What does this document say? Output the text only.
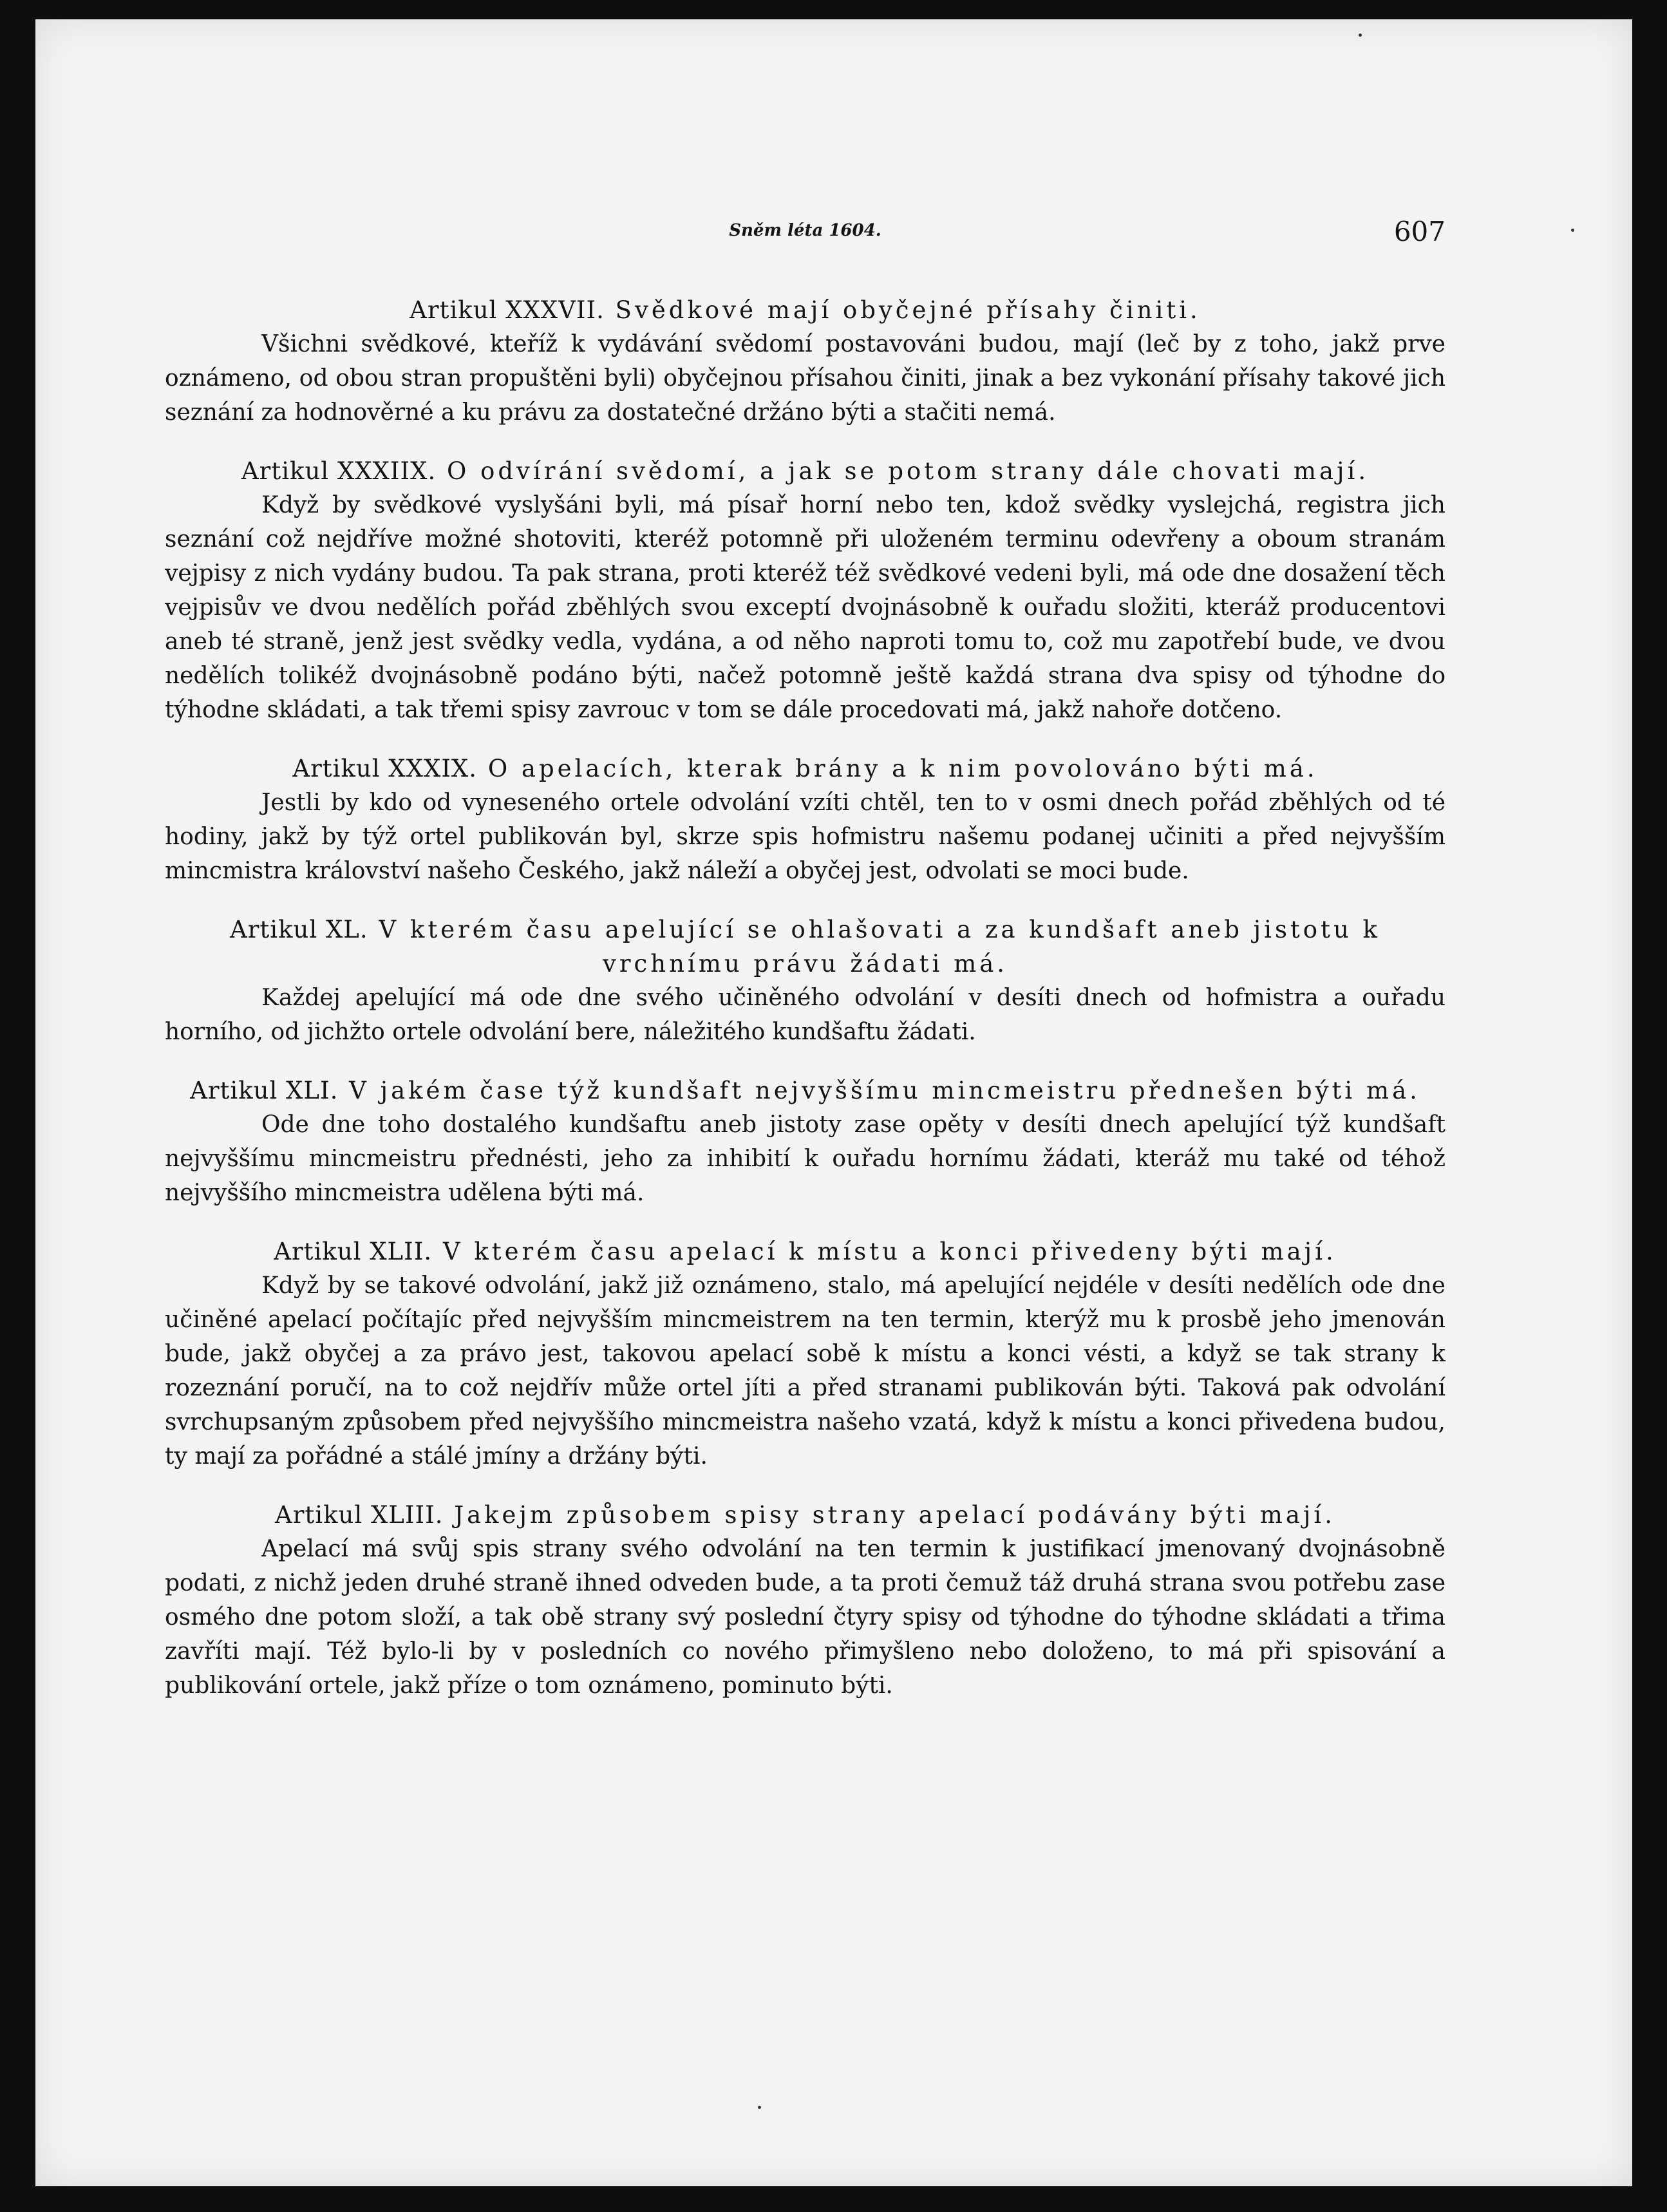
Sněm léta 1604.	607
Artikul XXXVII. Svědkové mají obyčejné přísahy činiti.

Všichni svědkové, kteříž k vydávání svědomí postavováni budou, mají (leč by z toho, jakž prve oznámeno, od obou stran propuštěni byli) obyčejnou přísahou činiti, jinak a bez vykonání přísahy takové jich seznání za hodnověrné a ku právu za dostatečné držáno býti a stačiti nemá.

Artikul XXXIIX. O odvírání svědomí, a jak se potom strany dále chovati mají.

Když by svědkové vyslyšáni byli, má písař horní nebo ten, kdož svědky vyslejchá, registra jich seznání což nejdříve možné shotoviti, kteréž potomně při uloženém terminu odevřeny a oboum stranám vejpisy z nich vydány budou. Ta pak strana, proti kteréž též svědkové vedeni byli, má ode dne dosažení těch vejpisův ve dvou nedělích pořád zběhlých svou exceptí dvojnásobně k ouřadu složiti, kteráž producentovi aneb té straně, jenž jest svědky vedla, vydána, a od něho naproti tomu to, což mu zapotřebí bude, ve dvou nedělích tolikéž dvojnásobně podáno býti, načež potomně ještě každá strana dva spisy od týhodne do týhodne skládati, a tak třemi spisy zavrouc v tom se dále procedovati má, jakž nahoře dotčeno.

Artikul XXXIX. O apelacích, kterak brány a k nim povolováno býti má.

Jestli by kdo od vyneseného ortele odvolání vzíti chtěl, ten to v osmi dnech pořád zběhlých od té hodiny, jakž by týž ortel publikován byl, skrze spis hofmistru našemu podanej učiniti a před nejvyšším mincmistra království našeho Českého, jakž náleží a obyčej jest, odvolati se moci bude.

Artikul XL. V kterém času apelující se ohlašovati a za kundšaft aneb jistotu k vrchnímu právu žádati má.

Každej apelující má ode dne svého učiněného odvolání v desíti dnech od hofmistra a ouřadu horního, od jichžto ortele odvolání bere, náležitého kundšaftu žádati.

Artikul XLI. V jakém čase týž kundšaft nejvyššímu mincmeistru přednešen býti má.

Ode dne toho dostalého kundšaftu aneb jistoty zase opěty v desíti dnech apelující týž kundšaft nejvyššímu mincmeistru přednésti, jeho za inhibití k ouřadu hornímu žádati, kteráž mu také od téhož nejvyššího mincmeistra udělena býti má.

Artikul XLII. V kterém času apelací k místu a konci přivedeny býti mají.

Když by se takové odvolání, jakž již oznámeno, stalo, má apelující nejdéle v desíti nedělích ode dne učiněné apelací počítajíc před nejvyšším mincmeistrem na ten termin, kterýž mu k prosbě jeho jmenován bude, jakž obyčej a za právo jest, takovou apelací sobě k místu a konci vésti, a když se tak strany k rozeznání poručí, na to což nejdřív může ortel jíti a před stranami publikován býti. Taková pak odvolání svrchupsaným způsobem před nejvyššího mincmeistra našeho vzatá, když k místu a konci přivedena budou, ty mají za pořádné a stálé jmíny a držány býti.

Artikul XLIII. Jakejm způsobem spisy strany apelací podávány býti mají.

Apelací má svůj spis strany svého odvolání na ten termin k justifikací jmenovaný dvojnásobně podati, z nichž jeden druhé straně ihned odveden bude, a ta proti čemuž táž druhá strana svou potřebu zase osmého dne potom složí, a tak obě strany svý poslední čtyry spisy od týhodne do týhodne skládati a třima zavříti mají. Též bylo-li by v posledních co nového přimyšleno nebo doloženo, to má při spisování a publikování ortele, jakž příze o tom oznámeno, pominuto býti.
